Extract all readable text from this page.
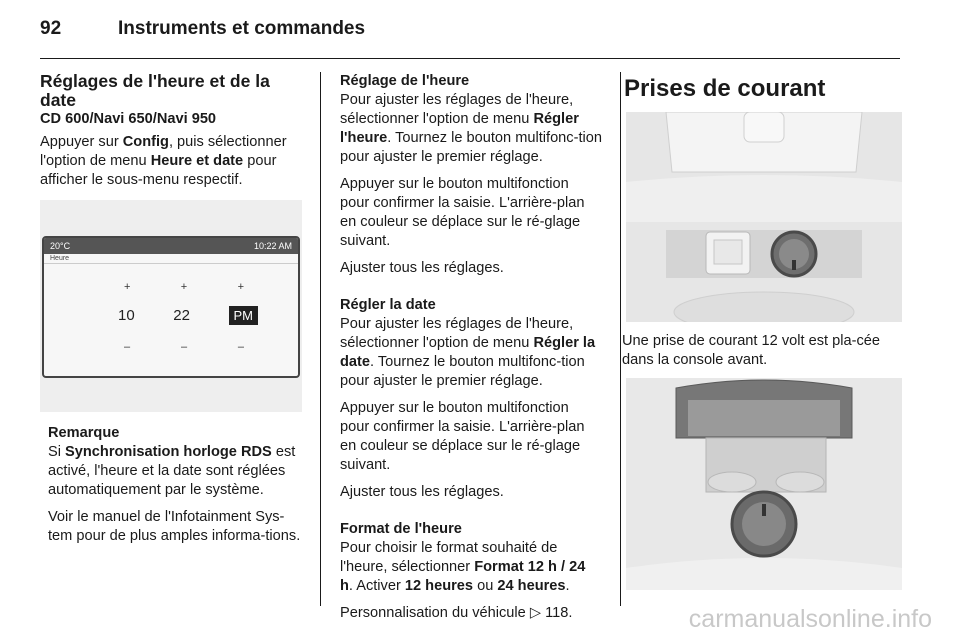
92	Instruments et commandes
Réglages de l'heure et de la date
CD 600/Navi 650/Navi 950

Appuyer sur Config, puis sélectionner l'option de menu Heure et date pour afficher le sous-menu respectif.

20°C	10:22 AM
Heure
+	+	+
10	22	PM
–	–	–
Remarque

Si Synchronisation horloge RDS est activé, l'heure et la date sont réglées automatiquement par le système.

Voir le manuel de l'Infotainment Sys-tem pour de plus amples informa-tions.

Réglage de l'heure

Pour ajuster les réglages de l'heure, sélectionner l'option de menu Régler l'heure. Tournez le bouton multifonc-tion pour ajuster le premier réglage.

Appuyer sur le bouton multifonction pour confirmer la saisie. L'arrière-plan en couleur se déplace sur le ré-glage suivant.

Ajuster tous les réglages.

Régler la date

Pour ajuster les réglages de l'heure, sélectionner l'option de menu Régler la date. Tournez le bouton multifonc-tion pour ajuster le premier réglage.

Appuyer sur le bouton multifonction pour confirmer la saisie. L'arrière-plan en couleur se déplace sur le ré-glage suivant.

Ajuster tous les réglages.

Format de l'heure

Pour choisir le format souhaité de l'heure, sélectionner Format 12 h / 24 h. Activer 12 heures ou 24 heures.

Personnalisation du véhicule ▷ 118.

Prises de courant

Une prise de courant 12 volt est pla-cée dans la console avant.

carmanualsonline.info
